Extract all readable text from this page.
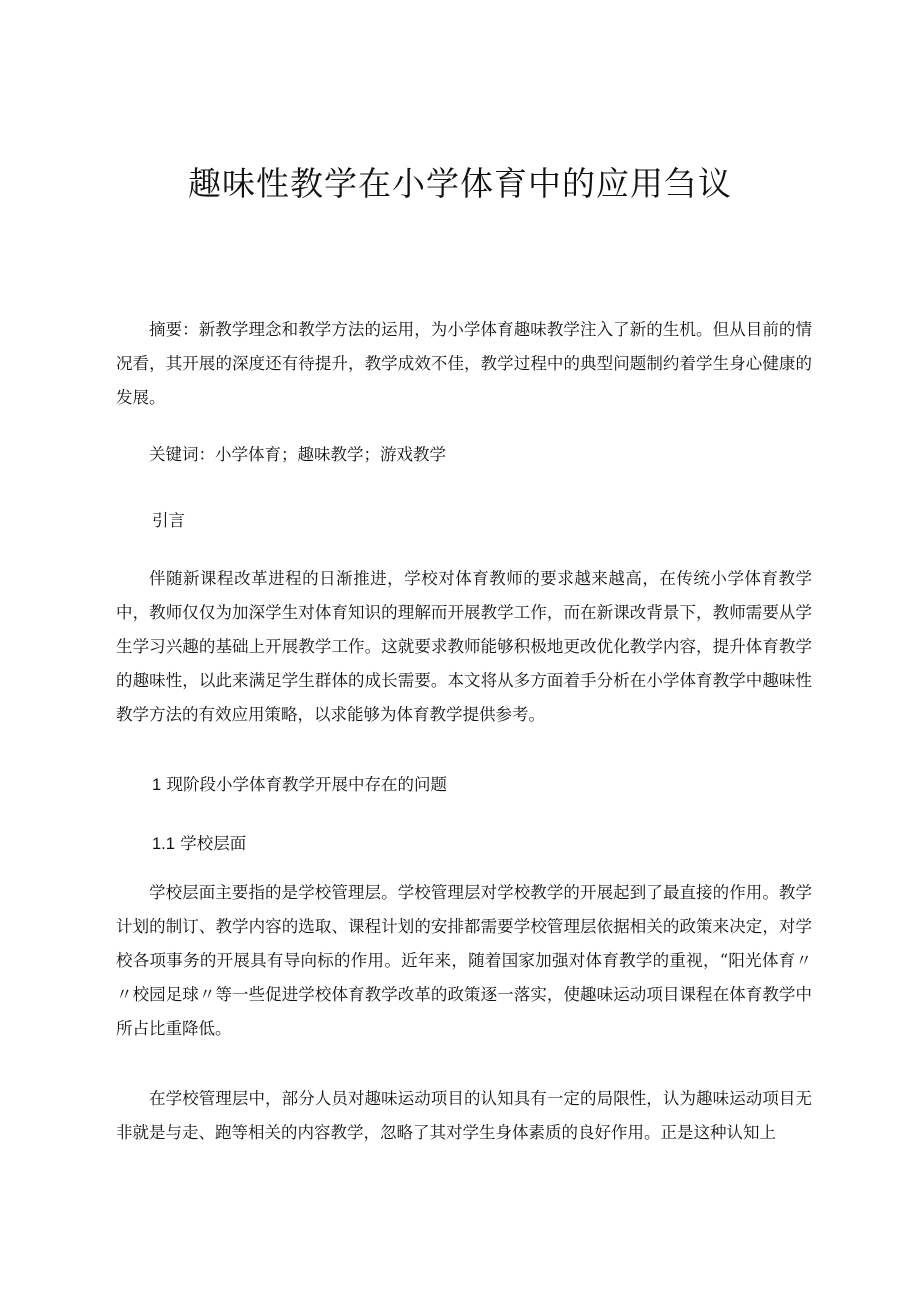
趣味性教学在小学体育中的应用刍议

摘要：新教学理念和教学方法的运用，为小学体育趣味教学注入了新的生机。但从目前的情况看，其开展的深度还有待提升，教学成效不佳，教学过程中的典型问题制约着学生身心健康的发展。

关键词：小学体育；趣味教学；游戏教学

引言

伴随新课程改革进程的日渐推进，学校对体育教师的要求越来越高，在传统小学体育教学中，教师仅仅为加深学生对体育知识的理解而开展教学工作，而在新课改背景下，教师需要从学生学习兴趣的基础上开展教学工作。这就要求教师能够积极地更改优化教学内容，提升体育教学的趣味性，以此来满足学生群体的成长需要。本文将从多方面着手分析在小学体育教学中趣味性教学方法的有效应用策略，以求能够为体育教学提供参考。

1 现阶段小学体育教学开展中存在的问题

1.1 学校层面

学校层面主要指的是学校管理层。学校管理层对学校教学的开展起到了最直接的作用。教学计划的制订、教学内容的选取、课程计划的安排都需要学校管理层依据相关的政策来决定，对学校各项事务的开展具有导向标的作用。近年来，随着国家加强对体育教学的重视，“阳光体育〃〃校园足球〃等一些促进学校体育教学改革的政策逐一落实，使趣味运动项目课程在体育教学中所占比重降低。

在学校管理层中，部分人员对趣味运动项目的认知具有一定的局限性，认为趣味运动项目无非就是与走、跑等相关的内容教学，忽略了其对学生身体素质的良好作用。正是这种认知上
